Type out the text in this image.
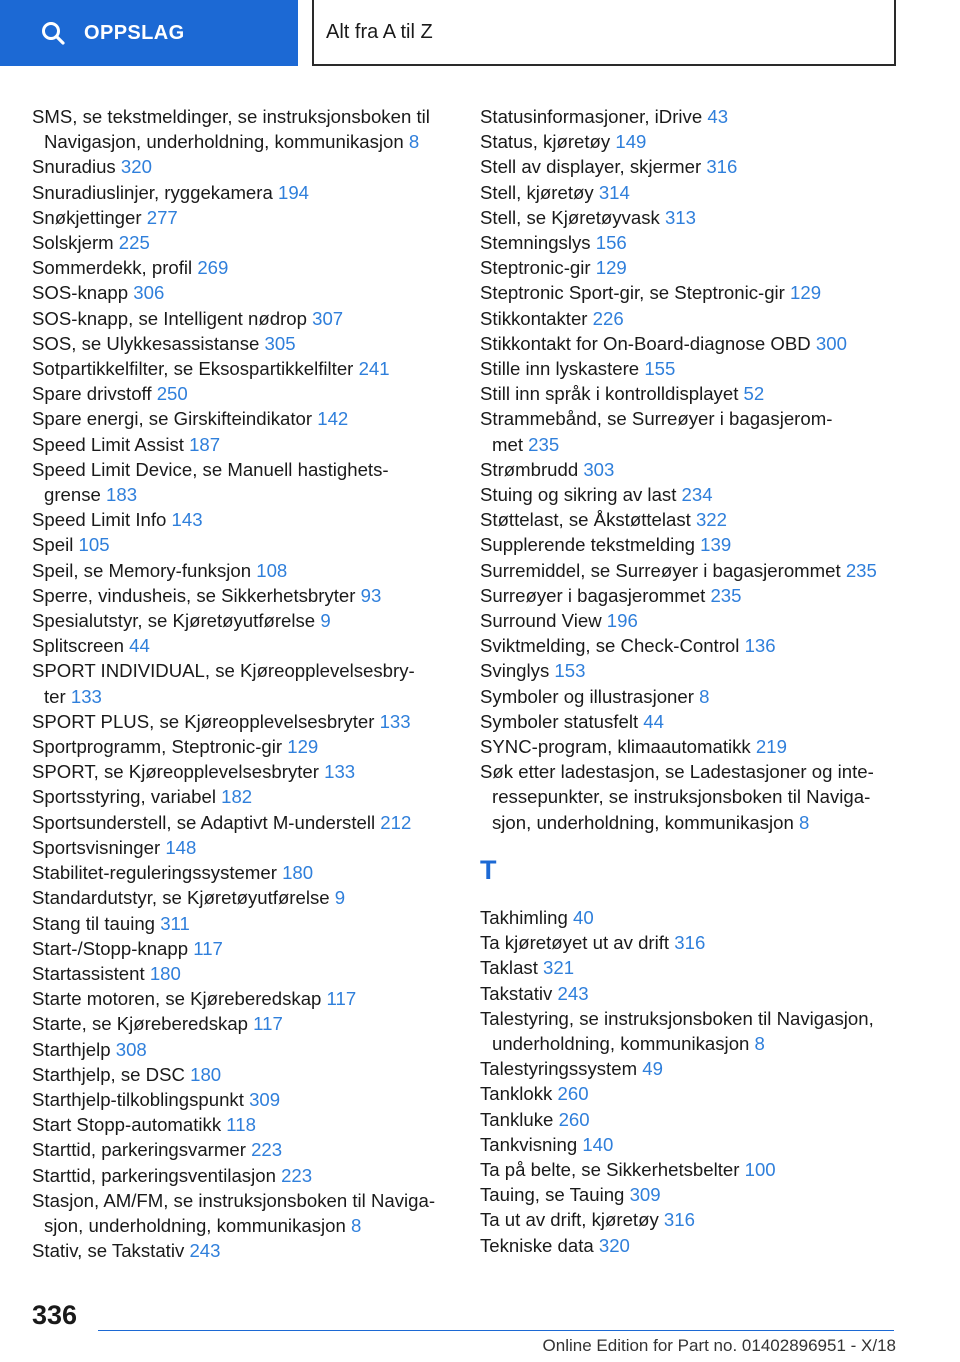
OPPSLAG	Alt fra A til Z
SMS, se tekstmeldinger, se instruksjonsboken til
Navigasjon, underholdning, kommunikasjon 8
Snuradius 320
Snuradiuslinjer, ryggekamera 194
Snøkjettinger 277
Solskjerm 225
Sommerdekk, profil 269
SOS-knapp 306
SOS-knapp, se Intelligent nødrop 307
SOS, se Ulykkesassistanse 305
Sotpartikkelfilter, se Eksospartikkelfilter 241
Spare drivstoff 250
Spare energi, se Girskifteindikator 142
Speed Limit Assist 187
Speed Limit Device, se Manuell hastighets-
grense 183
Speed Limit Info 143
Speil 105
Speil, se Memory-funksjon 108
Sperre, vindusheis, se Sikkerhetsbryter 93
Spesialutstyr, se Kjøretøyutførelse 9
Splitscreen 44
SPORT INDIVIDUAL, se Kjøreopplevelsesbry-
ter 133
SPORT PLUS, se Kjøreopplevelsesbryter 133
Sportprogramm, Steptronic-gir 129
SPORT, se Kjøreopplevelsesbryter 133
Sportsstyring, variabel 182
Sportsunderstell, se Adaptivt M-understell 212
Sportsvisninger 148
Stabilitet-reguleringssystemer 180
Standardutstyr, se Kjøretøyutførelse 9
Stang til tauing 311
Start-/Stopp-knapp 117
Startassistent 180
Starte motoren, se Kjøreberedskap 117
Starte, se Kjøreberedskap 117
Starthjelp 308
Starthjelp, se DSC 180
Starthjelp-tilkoblingspunkt 309
Start Stopp-automatikk 118
Starttid, parkeringsvarmer 223
Starttid, parkeringsventilasjon 223
Stasjon, AM/FM, se instruksjonsboken til Naviga-
sjon, underholdning, kommunikasjon 8
Stativ, se Takstativ 243
Statusinformasjoner, iDrive 43
Status, kjøretøy 149
Stell av displayer, skjermer 316
Stell, kjøretøy 314
Stell, se Kjøretøyvask 313
Stemningslys 156
Steptronic-gir 129
Steptronic Sport-gir, se Steptronic-gir 129
Stikkontakter 226
Stikkontakt for On-Board-diagnose OBD 300
Stille inn lyskastere 155
Still inn språk i kontrolldisplayet 52
Strammebånd, se Surreøyer i bagasjerom-
met 235
Strømbrudd 303
Stuing og sikring av last 234
Støttelast, se Åkstøttelast 322
Supplerende tekstmelding 139
Surremiddel, se Surreøyer i bagasjerommet 235
Surreøyer i bagasjerommet 235
Surround View 196
Sviktmelding, se Check-Control 136
Svinglys 153
Symboler og illustrasjoner 8
Symboler statusfelt 44
SYNC-program, klimaautomatikk 219
Søk etter ladestasjon, se Ladestasjoner og inte-
ressepunkter, se instruksjonsboken til Naviga-
sjon, underholdning, kommunikasjon 8
T
Takhimling 40
Ta kjøretøyet ut av drift 316
Taklast 321
Takstativ 243
Talestyring, se instruksjonsboken til Navigasjon,
underholdning, kommunikasjon 8
Talestyringssystem 49
Tanklokk 260
Tankluke 260
Tankvisning 140
Ta på belte, se Sikkerhetsbelter 100
Tauing, se Tauing 309
Ta ut av drift, kjøretøy 316
Tekniske data 320
336
Online Edition for Part no. 01402896951 - X/18
